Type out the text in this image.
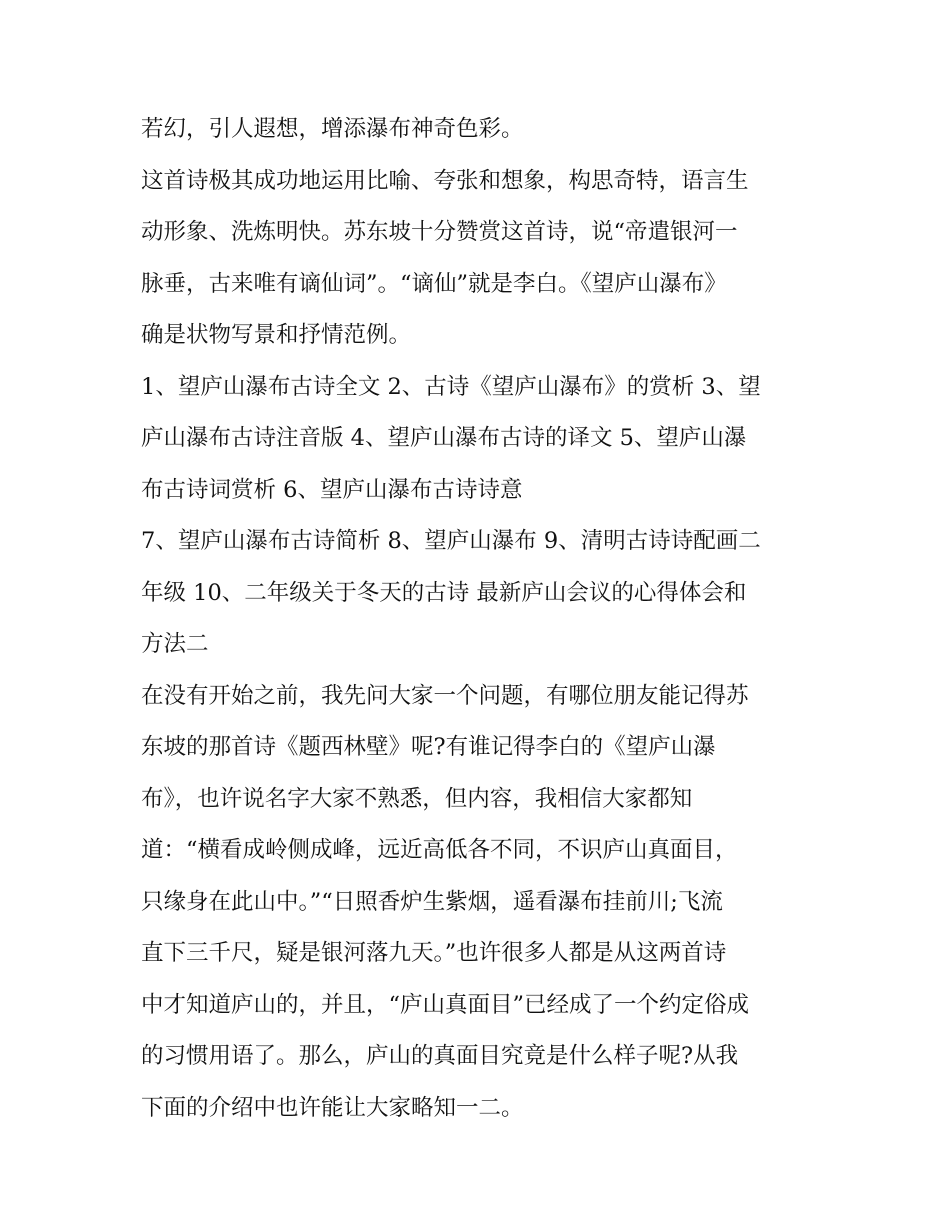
若幻，引人遐想，增添瀑布神奇色彩。
这首诗极其成功地运用比喻、夸张和想象，构思奇特，语言生
动形象、洗炼明快。苏东坡十分赞赏这首诗，说“帝遣银河一
脉垂，古来唯有谪仙词”。“谪仙”就是李白。《望庐山瀑布》
确是状物写景和抒情范例。
1、望庐山瀑布古诗全文 2、古诗《望庐山瀑布》的赏析 3、望
庐山瀑布古诗注音版 4、望庐山瀑布古诗的译文 5、望庐山瀑
布古诗词赏析 6、望庐山瀑布古诗诗意
7、望庐山瀑布古诗简析 8、望庐山瀑布 9、清明古诗诗配画二
年级 10、二年级关于冬天的古诗 最新庐山会议的心得体会和
方法二
在没有开始之前，我先问大家一个问题，有哪位朋友能记得苏
东坡的那首诗《题西林壁》呢?有谁记得李白的《望庐山瀑
布》，也许说名字大家不熟悉，但内容，我相信大家都知
道：“横看成岭侧成峰，远近高低各不同，不识庐山真面目，
只缘身在此山中。”“日照香炉生紫烟，遥看瀑布挂前川;飞流
直下三千尺，疑是银河落九天。”也许很多人都是从这两首诗
中才知道庐山的，并且，“庐山真面目”已经成了一个约定俗成
的习惯用语了。那么，庐山的真面目究竟是什么样子呢?从我
下面的介绍中也许能让大家略知一二。
